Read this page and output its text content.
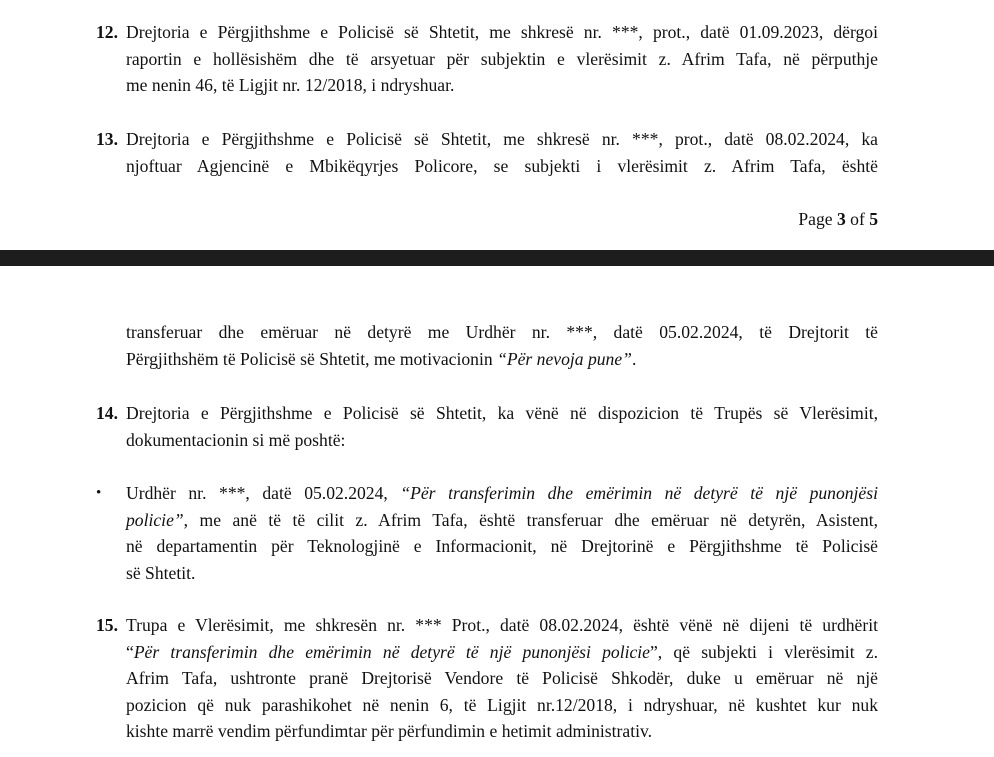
12. Drejtoria e Përgjithshme e Policisë së Shtetit, me shkresë nr. ***, prot., datë 01.09.2023, dërgoi
raportin e hollësishëm dhe të arsyetuar për subjektin e vlerësimit z. Afrim Tafa, në përputhje
me nenin 46, të Ligjit nr. 12/2018, i ndryshuar.
13. Drejtoria e Përgjithshme e Policisë së Shtetit, me shkresë nr. ***, prot., datë 08.02.2024, ka
njoftuar Agjencinë e Mbikëqyrjes Policore, se subjekti i vlerësimit z. Afrim Tafa, është
Page 3 of 5
transferuar dhe emëruar në detyrë me Urdhër nr. ***, datë 05.02.2024, të Drejtorit të
Përgjithshëm të Policisë së Shtetit, me motivacionin “Për nevoja pune”.
14. Drejtoria e Përgjithshme e Policisë së Shtetit, ka vënë në dispozicion të Trupës së Vlerësimit,
dokumentacionin si më poshtë:
• Urdhër nr. ***, datë 05.02.2024, “Për transferimin dhe emërimin në detyrë të një punonjësi
policie”, me anë të të cilit z. Afrim Tafa, është transferuar dhe emëruar në detyrën, Asistent,
në departamentin për Teknologjinë e Informacionit, në Drejtorinë e Përgjithshme të Policisë
së Shtetit.
15. Trupa e Vlerësimit, me shkresën nr. *** Prot., datë 08.02.2024, është vënë në dijeni të urdhërit
“Për transferimin dhe emërimin në detyrë të një punonjësi policie”, që subjekti i vlerësimit z.
Afrim Tafa, ushtronte pranë Drejtorisë Vendore të Policisë Shkodër, duke u emëruar në një
pozicion që nuk parashikohet në nenin 6, të Ligjit nr.12/2018, i ndryshuar, në kushtet kur nuk
kishte marrë vendim përfundimtar për përfundimin e hetimit administrativ.
